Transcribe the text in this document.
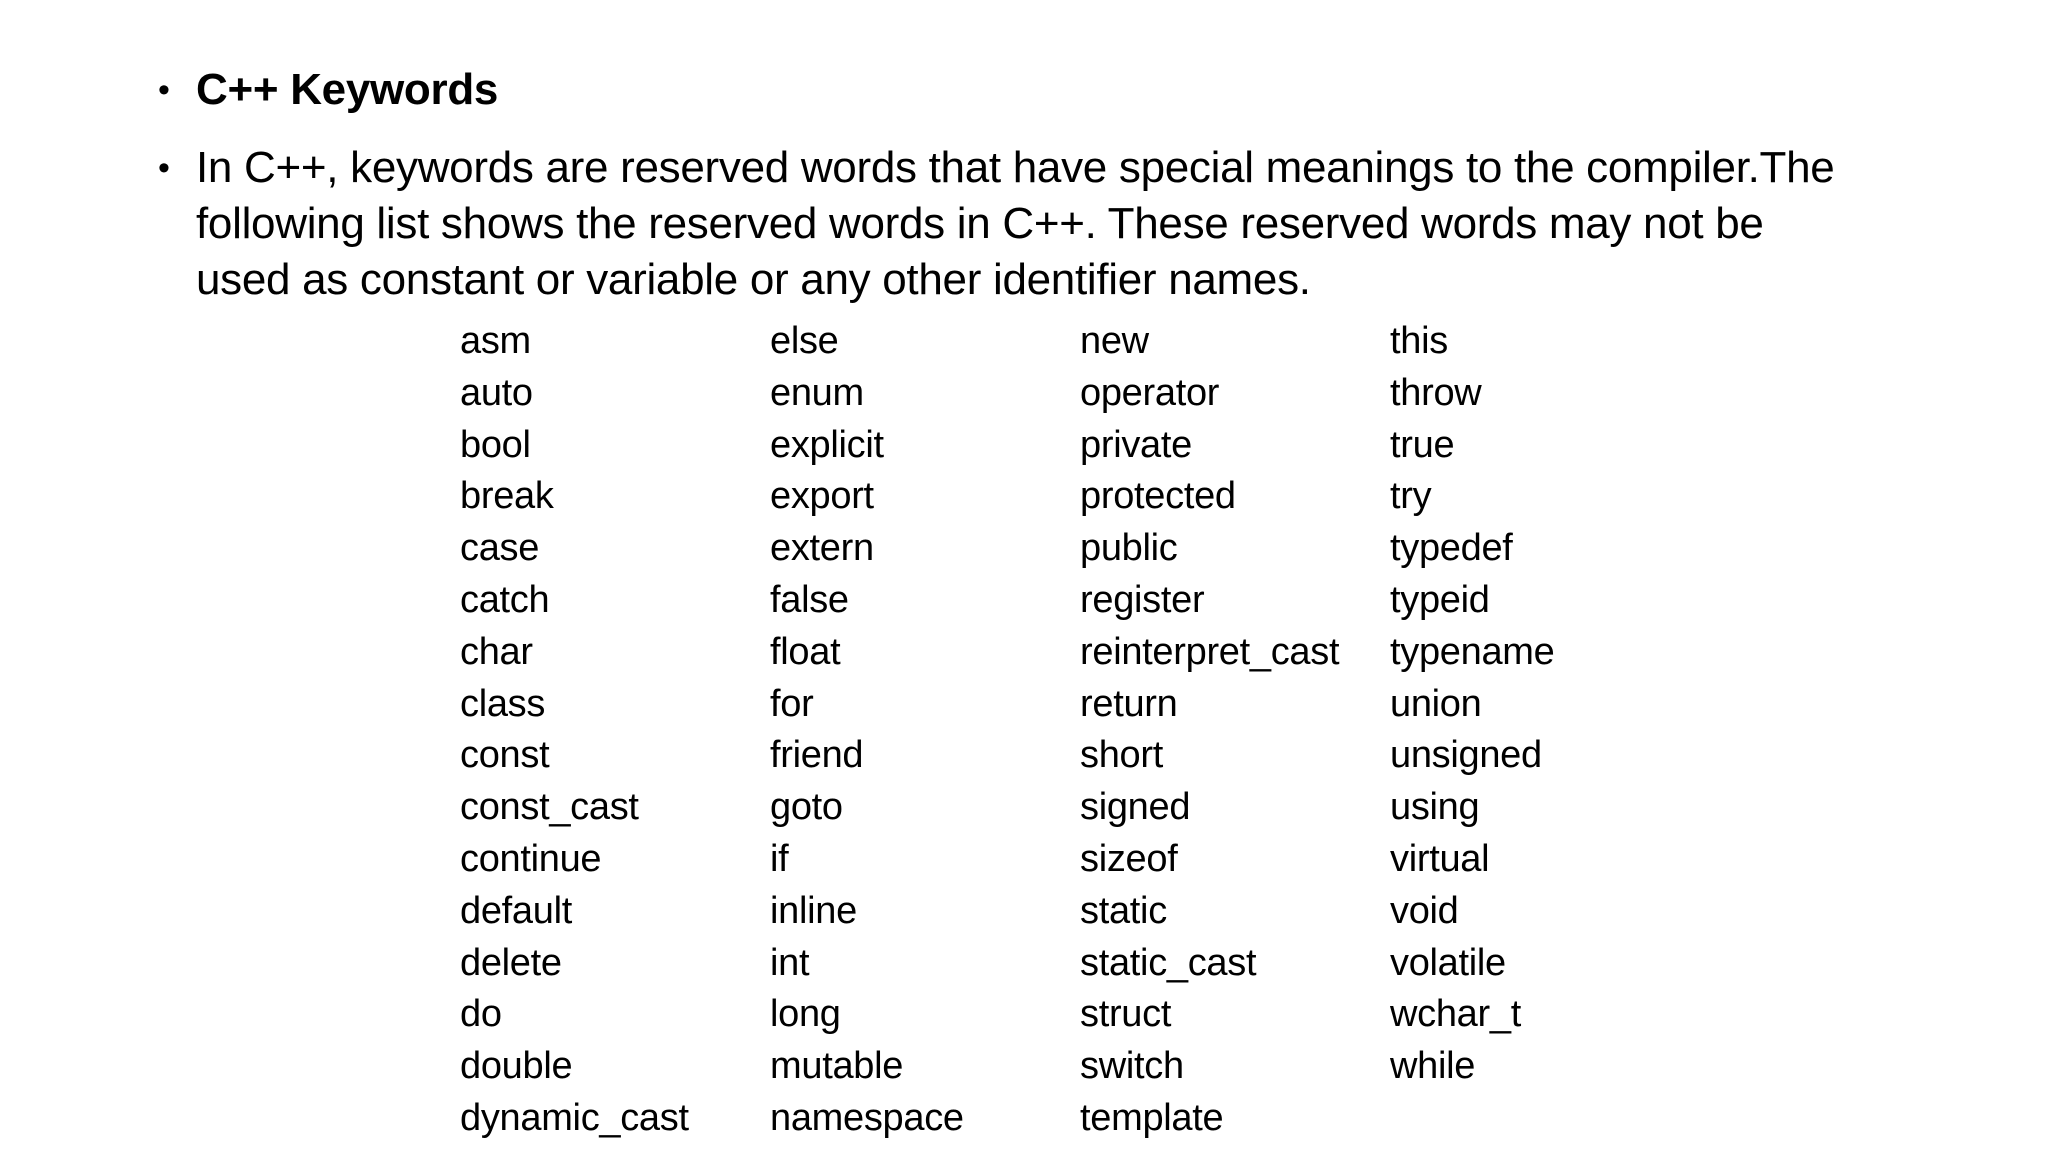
• C++ Keywords
• In C++, keywords are reserved words that have special meanings to the compiler.The following list shows the reserved words in C++. These reserved words may not be used as constant or variable or any other identifier names.
asm
auto
bool
break
case
catch
char
class
const
const_cast
continue
default
delete
do
double
dynamic_cast
else
enum
explicit
export
extern
false
float
for
friend
goto
if
inline
int
long
mutable
namespace
new
operator
private
protected
public
register
reinterpret_cast
return
short
signed
sizeof
static
static_cast
struct
switch
template
this
throw
true
try
typedef
typeid
typename
union
unsigned
using
virtual
void
volatile
wchar_t
while
